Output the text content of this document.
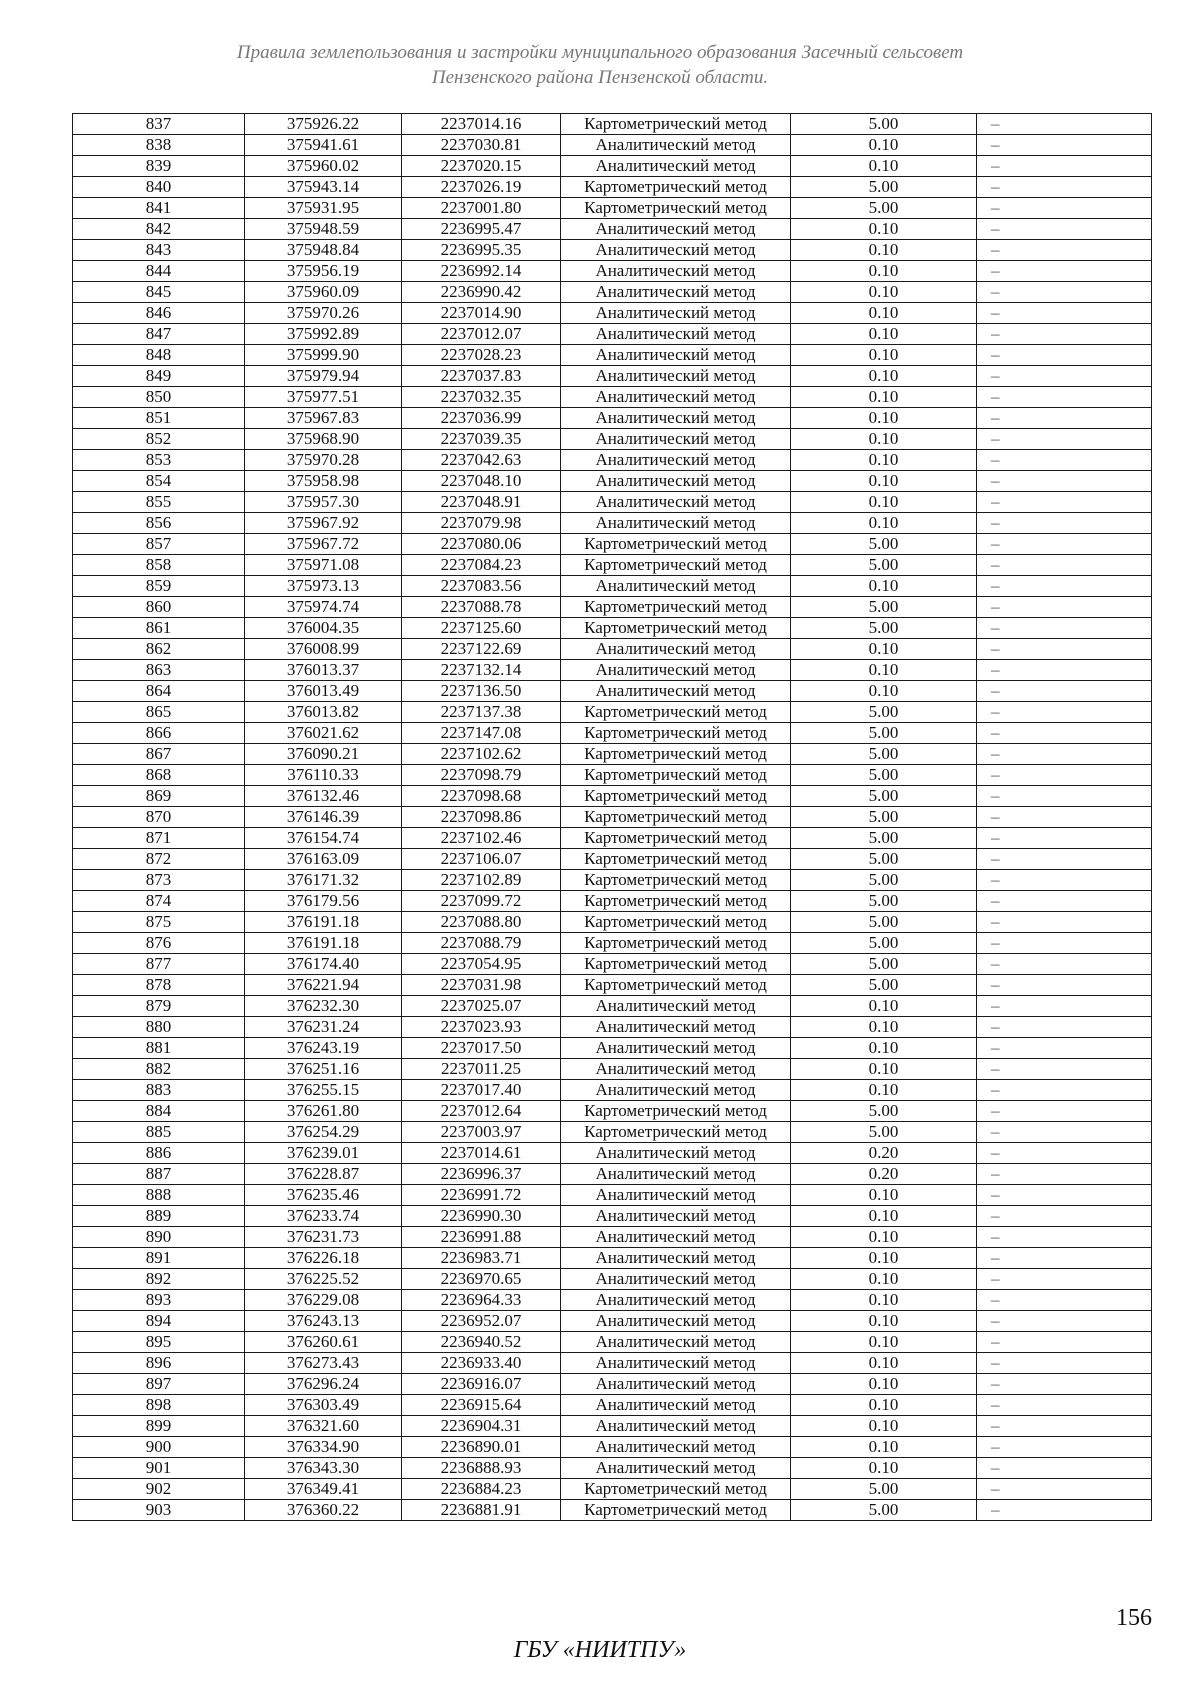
Правила землепользования и застройки муниципального образования Засечный сельсовет
Пензенского района Пензенской области.
837	375926.22	2237014.16	Картометрический метод	5.00	–
838	375941.61	2237030.81	Аналитический метод	0.10	–
839	375960.02	2237020.15	Аналитический метод	0.10	–
840	375943.14	2237026.19	Картометрический метод	5.00	–
841	375931.95	2237001.80	Картометрический метод	5.00	–
842	375948.59	2236995.47	Аналитический метод	0.10	–
843	375948.84	2236995.35	Аналитический метод	0.10	–
844	375956.19	2236992.14	Аналитический метод	0.10	–
845	375960.09	2236990.42	Аналитический метод	0.10	–
846	375970.26	2237014.90	Аналитический метод	0.10	–
847	375992.89	2237012.07	Аналитический метод	0.10	–
848	375999.90	2237028.23	Аналитический метод	0.10	–
849	375979.94	2237037.83	Аналитический метод	0.10	–
850	375977.51	2237032.35	Аналитический метод	0.10	–
851	375967.83	2237036.99	Аналитический метод	0.10	–
852	375968.90	2237039.35	Аналитический метод	0.10	–
853	375970.28	2237042.63	Аналитический метод	0.10	–
854	375958.98	2237048.10	Аналитический метод	0.10	–
855	375957.30	2237048.91	Аналитический метод	0.10	–
856	375967.92	2237079.98	Аналитический метод	0.10	–
857	375967.72	2237080.06	Картометрический метод	5.00	–
858	375971.08	2237084.23	Картометрический метод	5.00	–
859	375973.13	2237083.56	Аналитический метод	0.10	–
860	375974.74	2237088.78	Картометрический метод	5.00	–
861	376004.35	2237125.60	Картометрический метод	5.00	–
862	376008.99	2237122.69	Аналитический метод	0.10	–
863	376013.37	2237132.14	Аналитический метод	0.10	–
864	376013.49	2237136.50	Аналитический метод	0.10	–
865	376013.82	2237137.38	Картометрический метод	5.00	–
866	376021.62	2237147.08	Картометрический метод	5.00	–
867	376090.21	2237102.62	Картометрический метод	5.00	–
868	376110.33	2237098.79	Картометрический метод	5.00	–
869	376132.46	2237098.68	Картометрический метод	5.00	–
870	376146.39	2237098.86	Картометрический метод	5.00	–
871	376154.74	2237102.46	Картометрический метод	5.00	–
872	376163.09	2237106.07	Картометрический метод	5.00	–
873	376171.32	2237102.89	Картометрический метод	5.00	–
874	376179.56	2237099.72	Картометрический метод	5.00	–
875	376191.18	2237088.80	Картометрический метод	5.00	–
876	376191.18	2237088.79	Картометрический метод	5.00	–
877	376174.40	2237054.95	Картометрический метод	5.00	–
878	376221.94	2237031.98	Картометрический метод	5.00	–
879	376232.30	2237025.07	Аналитический метод	0.10	–
880	376231.24	2237023.93	Аналитический метод	0.10	–
881	376243.19	2237017.50	Аналитический метод	0.10	–
882	376251.16	2237011.25	Аналитический метод	0.10	–
883	376255.15	2237017.40	Аналитический метод	0.10	–
884	376261.80	2237012.64	Картометрический метод	5.00	–
885	376254.29	2237003.97	Картометрический метод	5.00	–
886	376239.01	2237014.61	Аналитический метод	0.20	–
887	376228.87	2236996.37	Аналитический метод	0.20	–
888	376235.46	2236991.72	Аналитический метод	0.10	–
889	376233.74	2236990.30	Аналитический метод	0.10	–
890	376231.73	2236991.88	Аналитический метод	0.10	–
891	376226.18	2236983.71	Аналитический метод	0.10	–
892	376225.52	2236970.65	Аналитический метод	0.10	–
893	376229.08	2236964.33	Аналитический метод	0.10	–
894	376243.13	2236952.07	Аналитический метод	0.10	–
895	376260.61	2236940.52	Аналитический метод	0.10	–
896	376273.43	2236933.40	Аналитический метод	0.10	–
897	376296.24	2236916.07	Аналитический метод	0.10	–
898	376303.49	2236915.64	Аналитический метод	0.10	–
899	376321.60	2236904.31	Аналитический метод	0.10	–
900	376334.90	2236890.01	Аналитический метод	0.10	–
901	376343.30	2236888.93	Аналитический метод	0.10	–
902	376349.41	2236884.23	Картометрический метод	5.00	–
903	376360.22	2236881.91	Картометрический метод	5.00	–
156
ГБУ «НИИТПУ»
